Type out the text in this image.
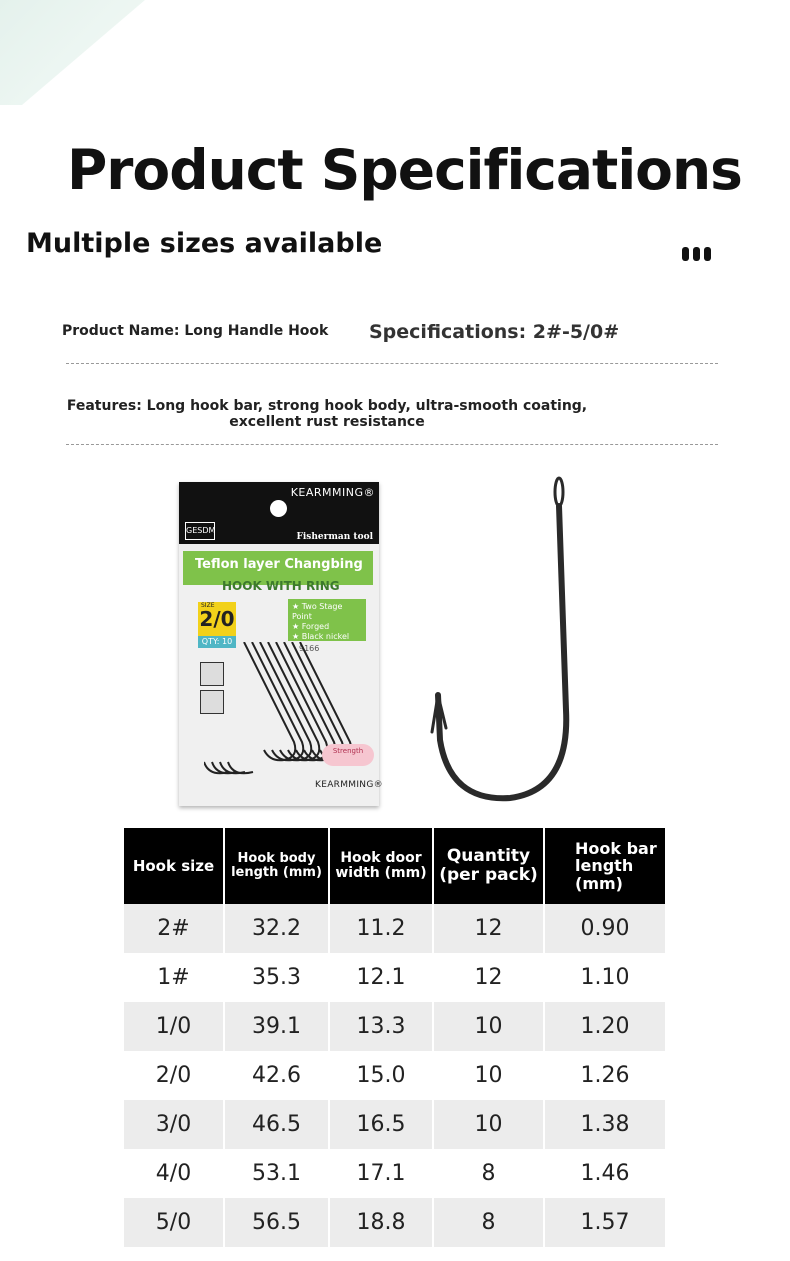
Product Specifications
Multiple sizes available
Product Name: Long Handle Hook Specifications: 2#-5/0#
Features: Long hook bar, strong hook body, ultra-smooth coating, excellent rust resistance
KEARMMING®
GESDM
Fisherman tool
Teflon layer Changbing
HOOK WITH RING
SIZE
2/0
QTY: 10
★ Two Stage Point
★ Forged
★ Black nickel
9166
Strength
KEARMMING®
Hook size	Hook body length (mm)	Hook door width (mm)	Quantity (per pack)	Hook bar length (mm)
2#	32.2	11.2	12	0.90
1#	35.3	12.1	12	1.10
1/0	39.1	13.3	10	1.20
2/0	42.6	15.0	10	1.26
3/0	46.5	16.5	10	1.38
4/0	53.1	17.1	8	1.46
5/0	56.5	18.8	8	1.57
